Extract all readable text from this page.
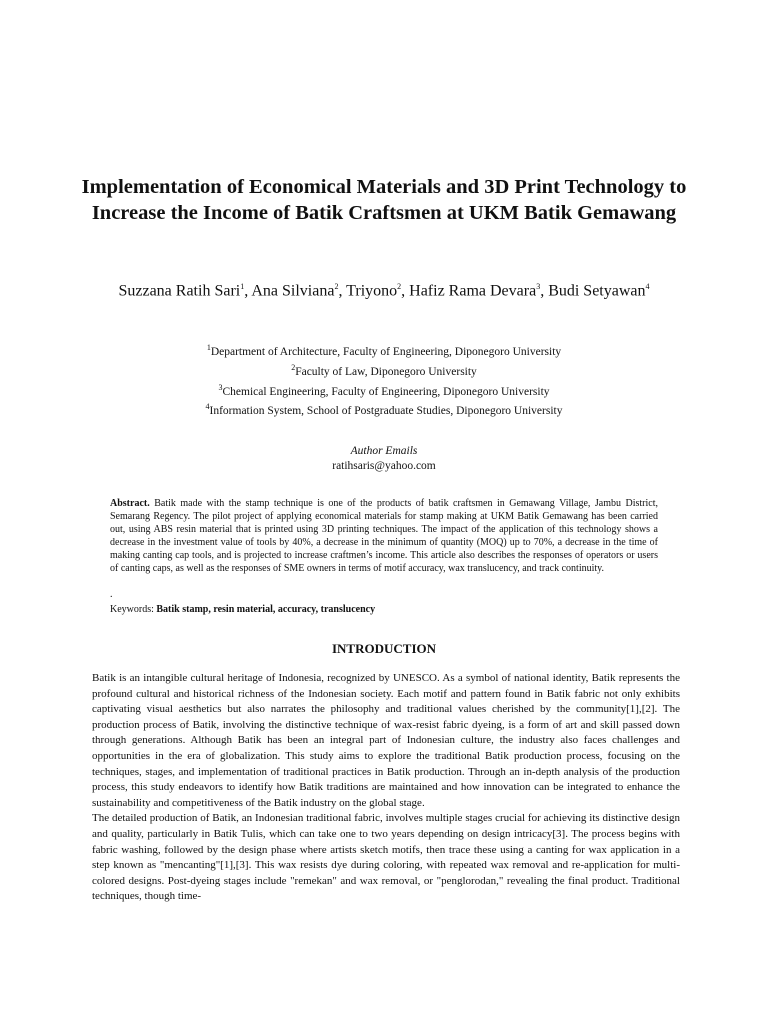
Implementation of Economical Materials and 3D Print Technology to Increase the Income of Batik Craftsmen at UKM Batik Gemawang
Suzzana Ratih Sari$^1$, Ana Silviana$^2$, Triyono$^2$, Hafiz Rama Devara$^3$, Budi Setyawan$^4$
$^1$Department of Architecture, Faculty of Engineering, Diponegoro University
$^2$Faculty of Law, Diponegoro University
$^3$Chemical Engineering, Faculty of Engineering, Diponegoro University
$^4$Information System, School of Postgraduate Studies, Diponegoro University
Author Emails
ratihsaris@yahoo.com
Abstract. Batik made with the stamp technique is one of the products of batik craftsmen in Gemawang Village, Jambu District, Semarang Regency. The pilot project of applying economical materials for stamp making at UKM Batik Gemawang has been carried out, using ABS resin material that is printed using 3D printing techniques. The impact of the application of this technology shows a decrease in the investment value of tools by 40%, a decrease in the minimum of quantity (MOQ) up to 70%, a decrease in the time of making canting cap tools, and is projected to increase craftmen’s income. This article also describes the responses of operators or users of canting caps, as well as the responses of SME owners in terms of motif accuracy, wax translucency, and track continuity.
.
Keywords: Batik stamp, resin material, accuracy, translucency
INTRODUCTION

Batik is an intangible cultural heritage of Indonesia, recognized by UNESCO. As a symbol of national identity, Batik represents the profound cultural and historical richness of the Indonesian society. Each motif and pattern found in Batik fabric not only exhibits captivating visual aesthetics but also narrates the philosophy and traditional values cherished by the community[1],[2]. The production process of Batik, involving the distinctive technique of wax-resist fabric dyeing, is a form of art and skill passed down through generations. Although Batik has been an integral part of Indonesian culture, the industry also faces challenges and opportunities in the era of globalization. This study aims to explore the traditional Batik production process, focusing on the techniques, stages, and implementation of traditional practices in Batik production. Through an in-depth analysis of the production process, this study endeavors to identify how Batik traditions are maintained and how innovation can be integrated to enhance the sustainability and competitiveness of the Batik industry on the global stage.

The detailed production of Batik, an Indonesian traditional fabric, involves multiple stages crucial for achieving its distinctive design and quality, particularly in Batik Tulis, which can take one to two years depending on design intricacy[3]. The process begins with fabric washing, followed by the design phase where artists sketch motifs, then trace these using a canting for wax application in a step known as "mencanting"[1],[3]. This wax resists dye during coloring, with repeated wax removal and re-application for multi-colored designs. Post-dyeing stages include "remekan" and wax removal, or "penglorodan," revealing the final product. Traditional techniques, though time-
